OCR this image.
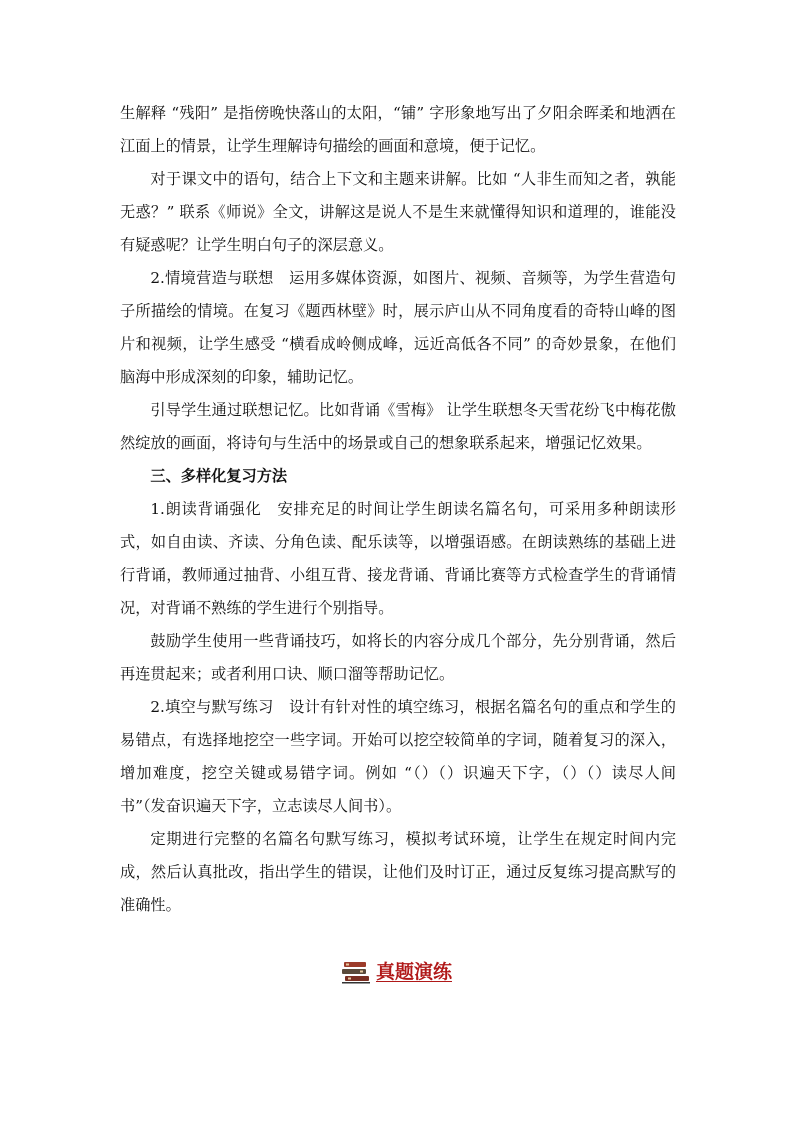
生解释 “残阳” 是指傍晚快落山的太阳，“铺” 字形象地写出了夕阳余晖柔和地洒在江面上的情景，让学生理解诗句描绘的画面和意境，便于记忆。

对于课文中的语句，结合上下文和主题来讲解。比如 “人非生而知之者，孰能无惑？” 联系《师说》全文，讲解这是说人不是生来就懂得知识和道理的，谁能没有疑惑呢？让学生明白句子的深层意义。

2.情境营造与联想　运用多媒体资源，如图片、视频、音频等，为学生营造句子所描绘的情境。在复习《题西林壁》时，展示庐山从不同角度看的奇特山峰的图片和视频，让学生感受 “横看成岭侧成峰，远近高低各不同” 的奇妙景象，在他们脑海中形成深刻的印象，辅助记忆。

引导学生通过联想记忆。比如背诵《雪梅》 让学生联想冬天雪花纷飞中梅花傲然绽放的画面，将诗句与生活中的场景或自己的想象联系起来，增强记忆效果。

三、多样化复习方法

1.朗读背诵强化　安排充足的时间让学生朗读名篇名句，可采用多种朗读形式，如自由读、齐读、分角色读、配乐读等，以增强语感。在朗读熟练的基础上进行背诵，教师通过抽背、小组互背、接龙背诵、背诵比赛等方式检查学生的背诵情况，对背诵不熟练的学生进行个别指导。

鼓励学生使用一些背诵技巧，如将长的内容分成几个部分，先分别背诵，然后再连贯起来；或者利用口诀、顺口溜等帮助记忆。

2.填空与默写练习　设计有针对性的填空练习，根据名篇名句的重点和学生的易错点，有选择地挖空一些字词。开始可以挖空较简单的字词，随着复习的深入，增加难度，挖空关键或易错字词。例如 “（）（）识遍天下字，（）（）读尽人间书”（发奋识遍天下字，立志读尽人间书）。

定期进行完整的名篇名句默写练习，模拟考试环境，让学生在规定时间内完成，然后认真批改，指出学生的错误，让他们及时订正，通过反复练习提高默写的准确性。

真题演练
